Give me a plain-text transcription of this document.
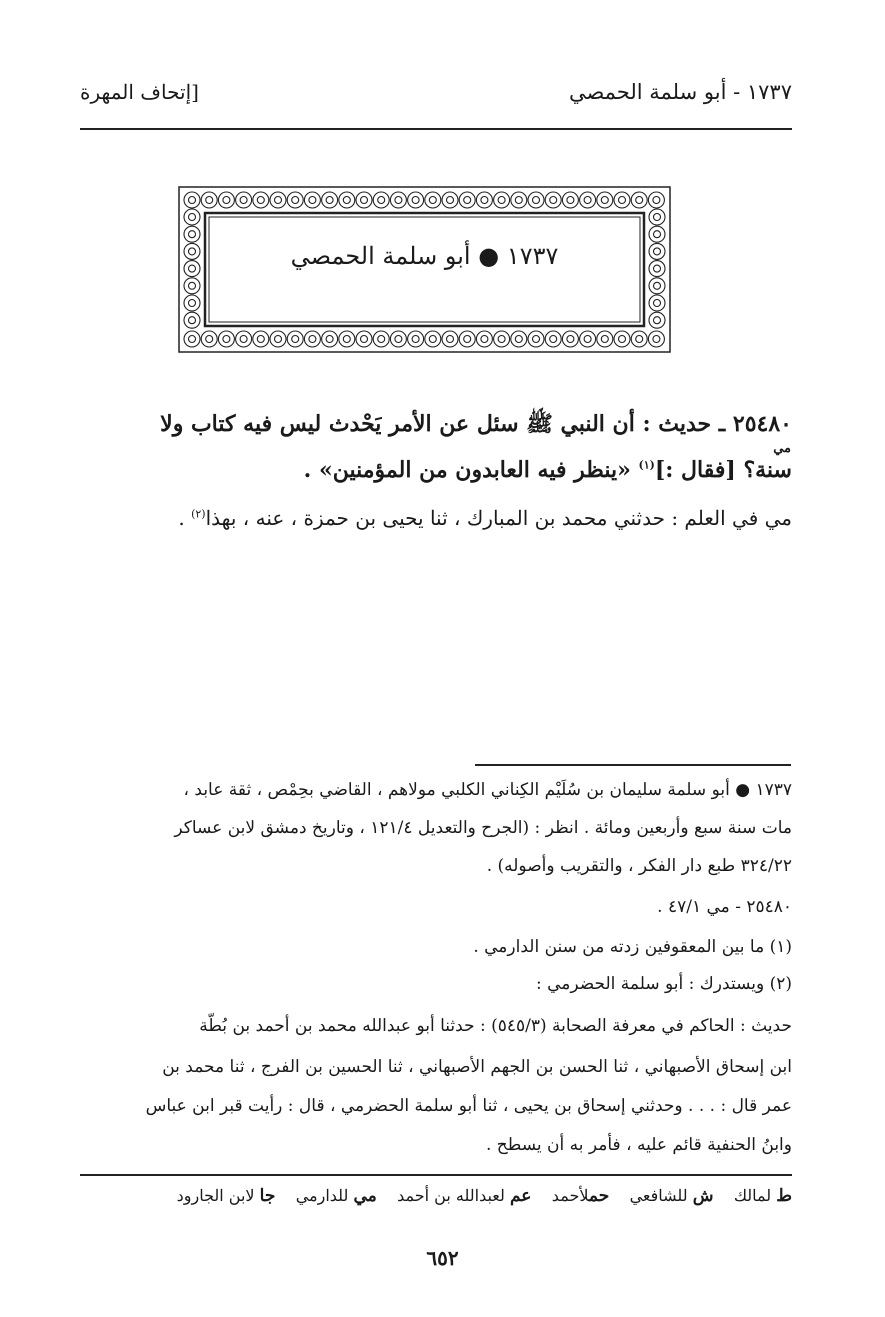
١٧٣٧ - أبو سلمة الحمصي
[إتحاف المهرة
١٧٣٧ ● أبو سلمة الحمصي
٢٥٤٨٠ ـ حديث : أن النبي ﷺ سئل عن الأمر يَحْدث ليس فيه كتاب ولا
مي
سنة؟ [فقال :]$^{(١)}$ «ينظر فيه العابدون من المؤمنين» .
مي في العلم : حدثني محمد بن المبارك ، ثنا يحيى بن حمزة ، عنه ، بهذا$^{(٢)}$ .
١٧٣٧ ● أبو سلمة سليمان بن سُلَيْم الكِناني الكلبي مولاهم ، القاضي بحِمْص ، ثقة عابد ،
مات سنة سبع وأربعين ومائة . انظر : (الجرح والتعديل ١٢١/٤ ، وتاريخ دمشق لابن عساكر
٣٢٤/٢٢ طبع دار الفكر ، والتقريب وأصوله) .
٢٥٤٨٠ - مي ٤٧/١ .
(١) ما بين المعقوفين زدته من سنن الدارمي .
(٢) ويستدرك : أبو سلمة الحضرمي :
حديث : الحاكم في معرفة الصحابة (٥٤٥/٣) : حدثنا أبو عبدالله محمد بن أحمد بن بُطّة
ابن إسحاق الأصبهاني ، ثنا الحسن بن الجهم الأصبهاني ، ثنا الحسين بن الفرج ، ثنا محمد بن
عمر قال : . . . وحدثني إسحاق بن يحيى ، ثنا أبو سلمة الحضرمي ، قال : رأيت قبر ابن عباس
وابنُ الحنفية قائم عليه ، فأمر به أن يسطح .
ط لمالك    ش للشافعي    حملأحمد    عم لعبدالله بن أحمد    مي للدارمي    جا لابن الجارود
٦٥٢
